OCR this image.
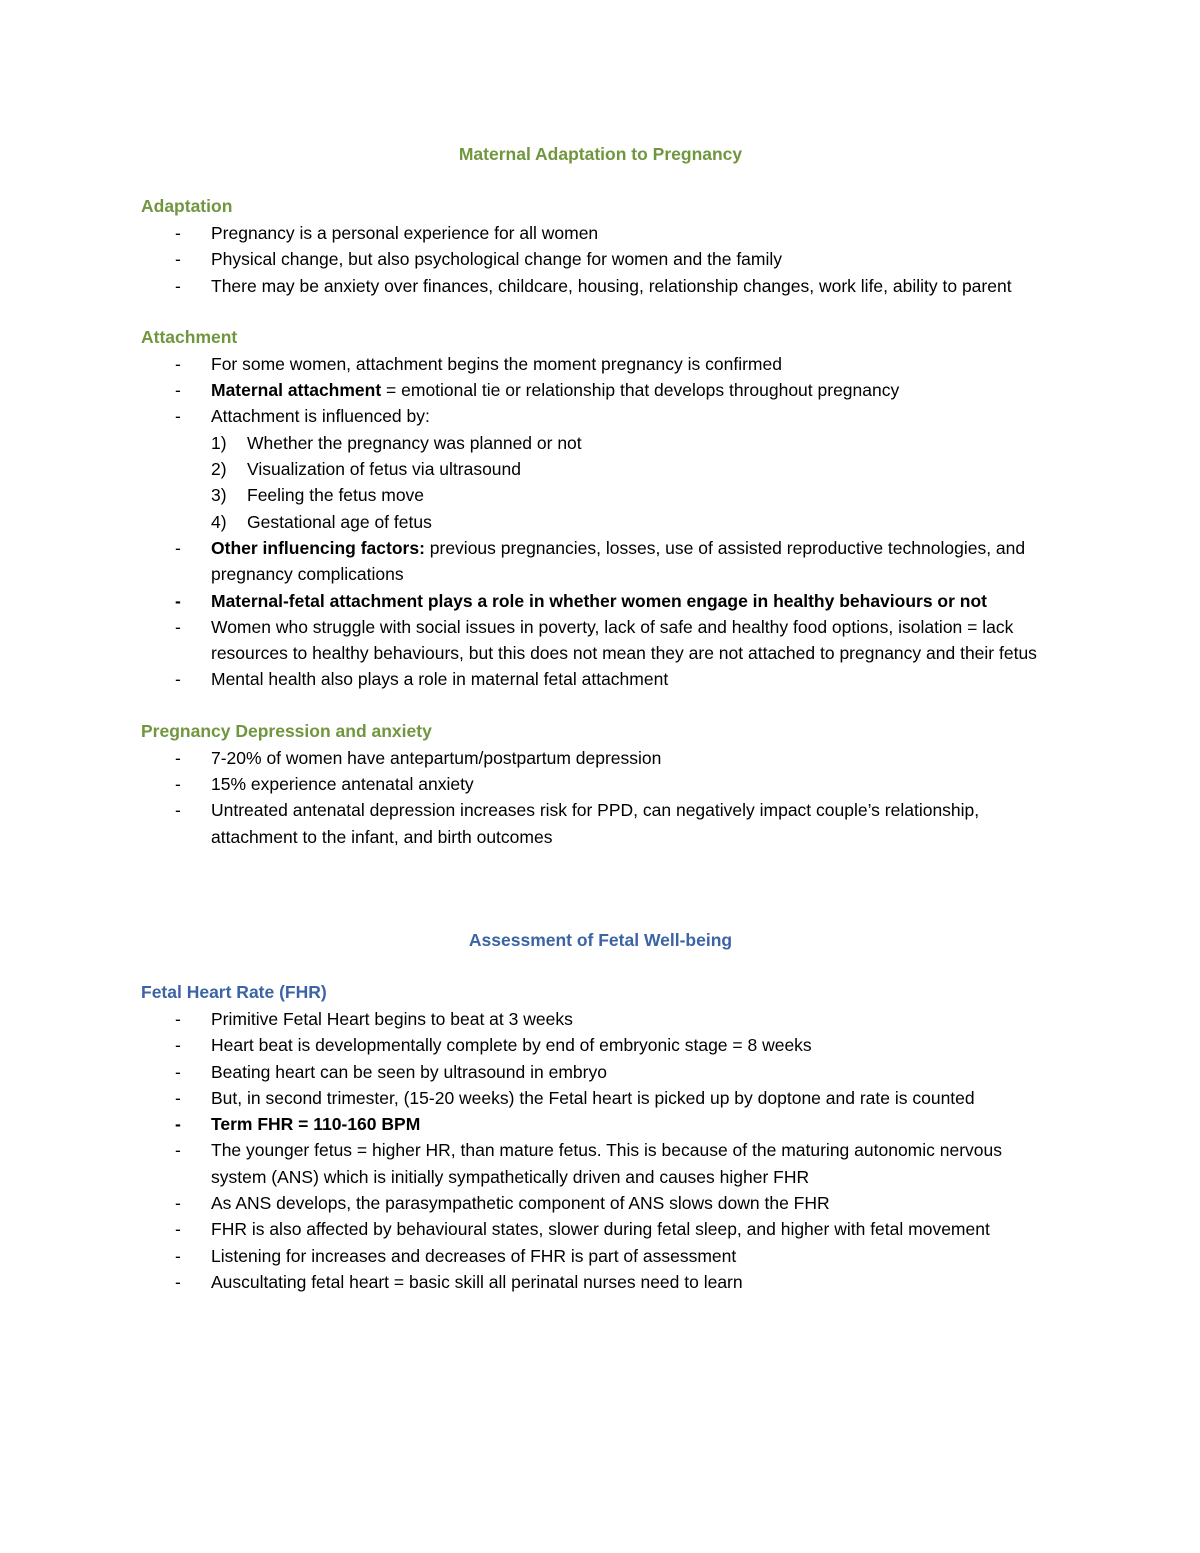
Maternal Adaptation to Pregnancy
Adaptation
- Pregnancy is a personal experience for all women
- Physical change, but also psychological change for women and the family
- There may be anxiety over finances, childcare, housing, relationship changes, work life, ability to parent
Attachment
- For some women, attachment begins the moment pregnancy is confirmed
- Maternal attachment = emotional tie or relationship that develops throughout pregnancy
- Attachment is influenced by:
1) Whether the pregnancy was planned or not
2) Visualization of fetus via ultrasound
3) Feeling the fetus move
4) Gestational age of fetus
- Other influencing factors: previous pregnancies, losses, use of assisted reproductive technologies, and pregnancy complications
- Maternal-fetal attachment plays a role in whether women engage in healthy behaviours or not
- Women who struggle with social issues in poverty, lack of safe and healthy food options, isolation = lack resources to healthy behaviours, but this does not mean they are not attached to pregnancy and their fetus
- Mental health also plays a role in maternal fetal attachment
Pregnancy Depression and anxiety
- 7-20% of women have antepartum/postpartum depression
- 15% experience antenatal anxiety
- Untreated antenatal depression increases risk for PPD, can negatively impact couple’s relationship, attachment to the infant, and birth outcomes
Assessment of Fetal Well-being
Fetal Heart Rate (FHR)
- Primitive Fetal Heart begins to beat at 3 weeks
- Heart beat is developmentally complete by end of embryonic stage = 8 weeks
- Beating heart can be seen by ultrasound in embryo
- But, in second trimester, (15-20 weeks) the Fetal heart is picked up by doptone and rate is counted
- Term FHR = 110-160 BPM
- The younger fetus = higher HR, than mature fetus. This is because of the maturing autonomic nervous system (ANS) which is initially sympathetically driven and causes higher FHR
- As ANS develops, the parasympathetic component of ANS slows down the FHR
- FHR is also affected by behavioural states, slower during fetal sleep, and higher with fetal movement
- Listening for increases and decreases of FHR is part of assessment
- Auscultating fetal heart = basic skill all perinatal nurses need to learn
